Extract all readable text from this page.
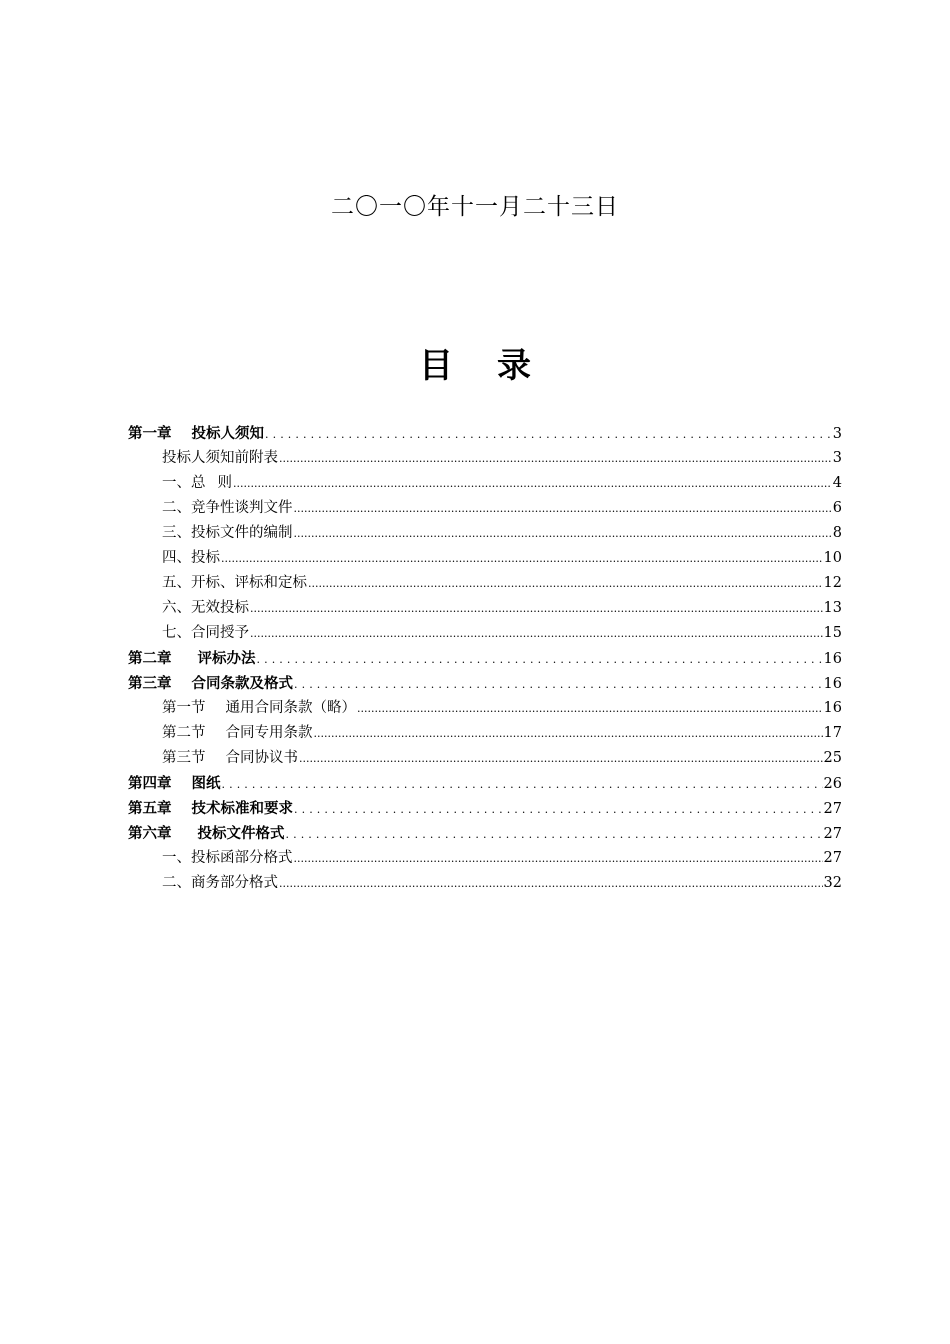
二〇一〇年十一月二十三日
目 录
第一章 投标人须知 .....	3
投标人须知前附表 .....	3
一、总 则 .....	4
二、竞争性谈判文件 .....	6
三、投标文件的编制 .....	8
四、投标 .....	10
五、开标、评标和定标 .....	12
六、无效投标 .....	13
七、合同授予 .....	15
第二章 评标办法 .....	16
第三章 合同条款及格式 .....	16
第一节 通用合同条款（略） .....	16
第二节 合同专用条款 .....	17
第三节 合同协议书 .....	25
第四章 图纸 .....	26
第五章 技术标准和要求 .....	27
第六章 投标文件格式 .....	27
一、投标函部分格式 .....	27
二、商务部分格式 .....	32
